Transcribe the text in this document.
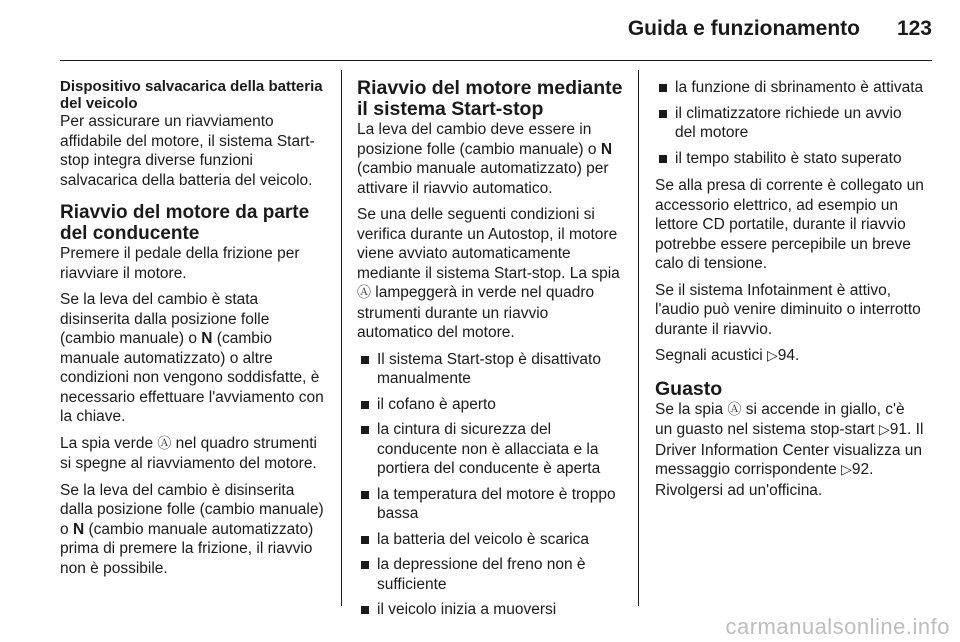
Guida e funzionamento 123
Dispositivo salvacarica della batteria del veicolo

Per assicurare un riavviamento affidabile del motore, il sistema Start-stop integra diverse funzioni salvacarica della batteria del veicolo.

Riavvio del motore da parte del conducente

Premere il pedale della frizione per riavviare il motore.

Se la leva del cambio è stata disinserita dalla posizione folle (cambio manuale) o N (cambio manuale automatizzato) o altre condizioni non vengono soddisfatte, è necessario effettuare l'avviamento con la chiave.

La spia verde Ⓐ nel quadro strumenti si spegne al riavviamento del motore.

Se la leva del cambio è disinserita dalla posizione folle (cambio manuale) o N (cambio manuale automatizzato) prima di premere la frizione, il riavvio non è possibile.

Riavvio del motore mediante il sistema Start-stop

La leva del cambio deve essere in posizione folle (cambio manuale) o N (cambio manuale automatizzato) per attivare il riavvio automatico.

Se una delle seguenti condizioni si verifica durante un Autostop, il motore viene avviato automaticamente mediante il sistema Start-stop. La spia Ⓐ lampeggerà in verde nel quadro strumenti durante un riavvio automatico del motore.

Il sistema Start-stop è disattivato manualmente
il cofano è aperto
la cintura di sicurezza del conducente non è allacciata e la portiera del conducente è aperta
la temperatura del motore è troppo bassa
la batteria del veicolo è scarica
la depressione del freno non è sufficiente
il veicolo inizia a muoversi
la funzione di sbrinamento è attivata
il climatizzatore richiede un avvio del motore
il tempo stabilito è stato superato

Se alla presa di corrente è collegato un accessorio elettrico, ad esempio un lettore CD portatile, durante il riavvio potrebbe essere percepibile un breve calo di tensione.

Se il sistema Infotainment è attivo, l'audio può venire diminuito o interrotto durante il riavvio.

Segnali acustici ▷94.

Guasto

Se la spia Ⓐ si accende in giallo, c'è un guasto nel sistema stop-start ▷91. Il Driver Information Center visualizza un messaggio corrispondente ▷92. Rivolgersi ad un'officina.

carmanualsonline.info
